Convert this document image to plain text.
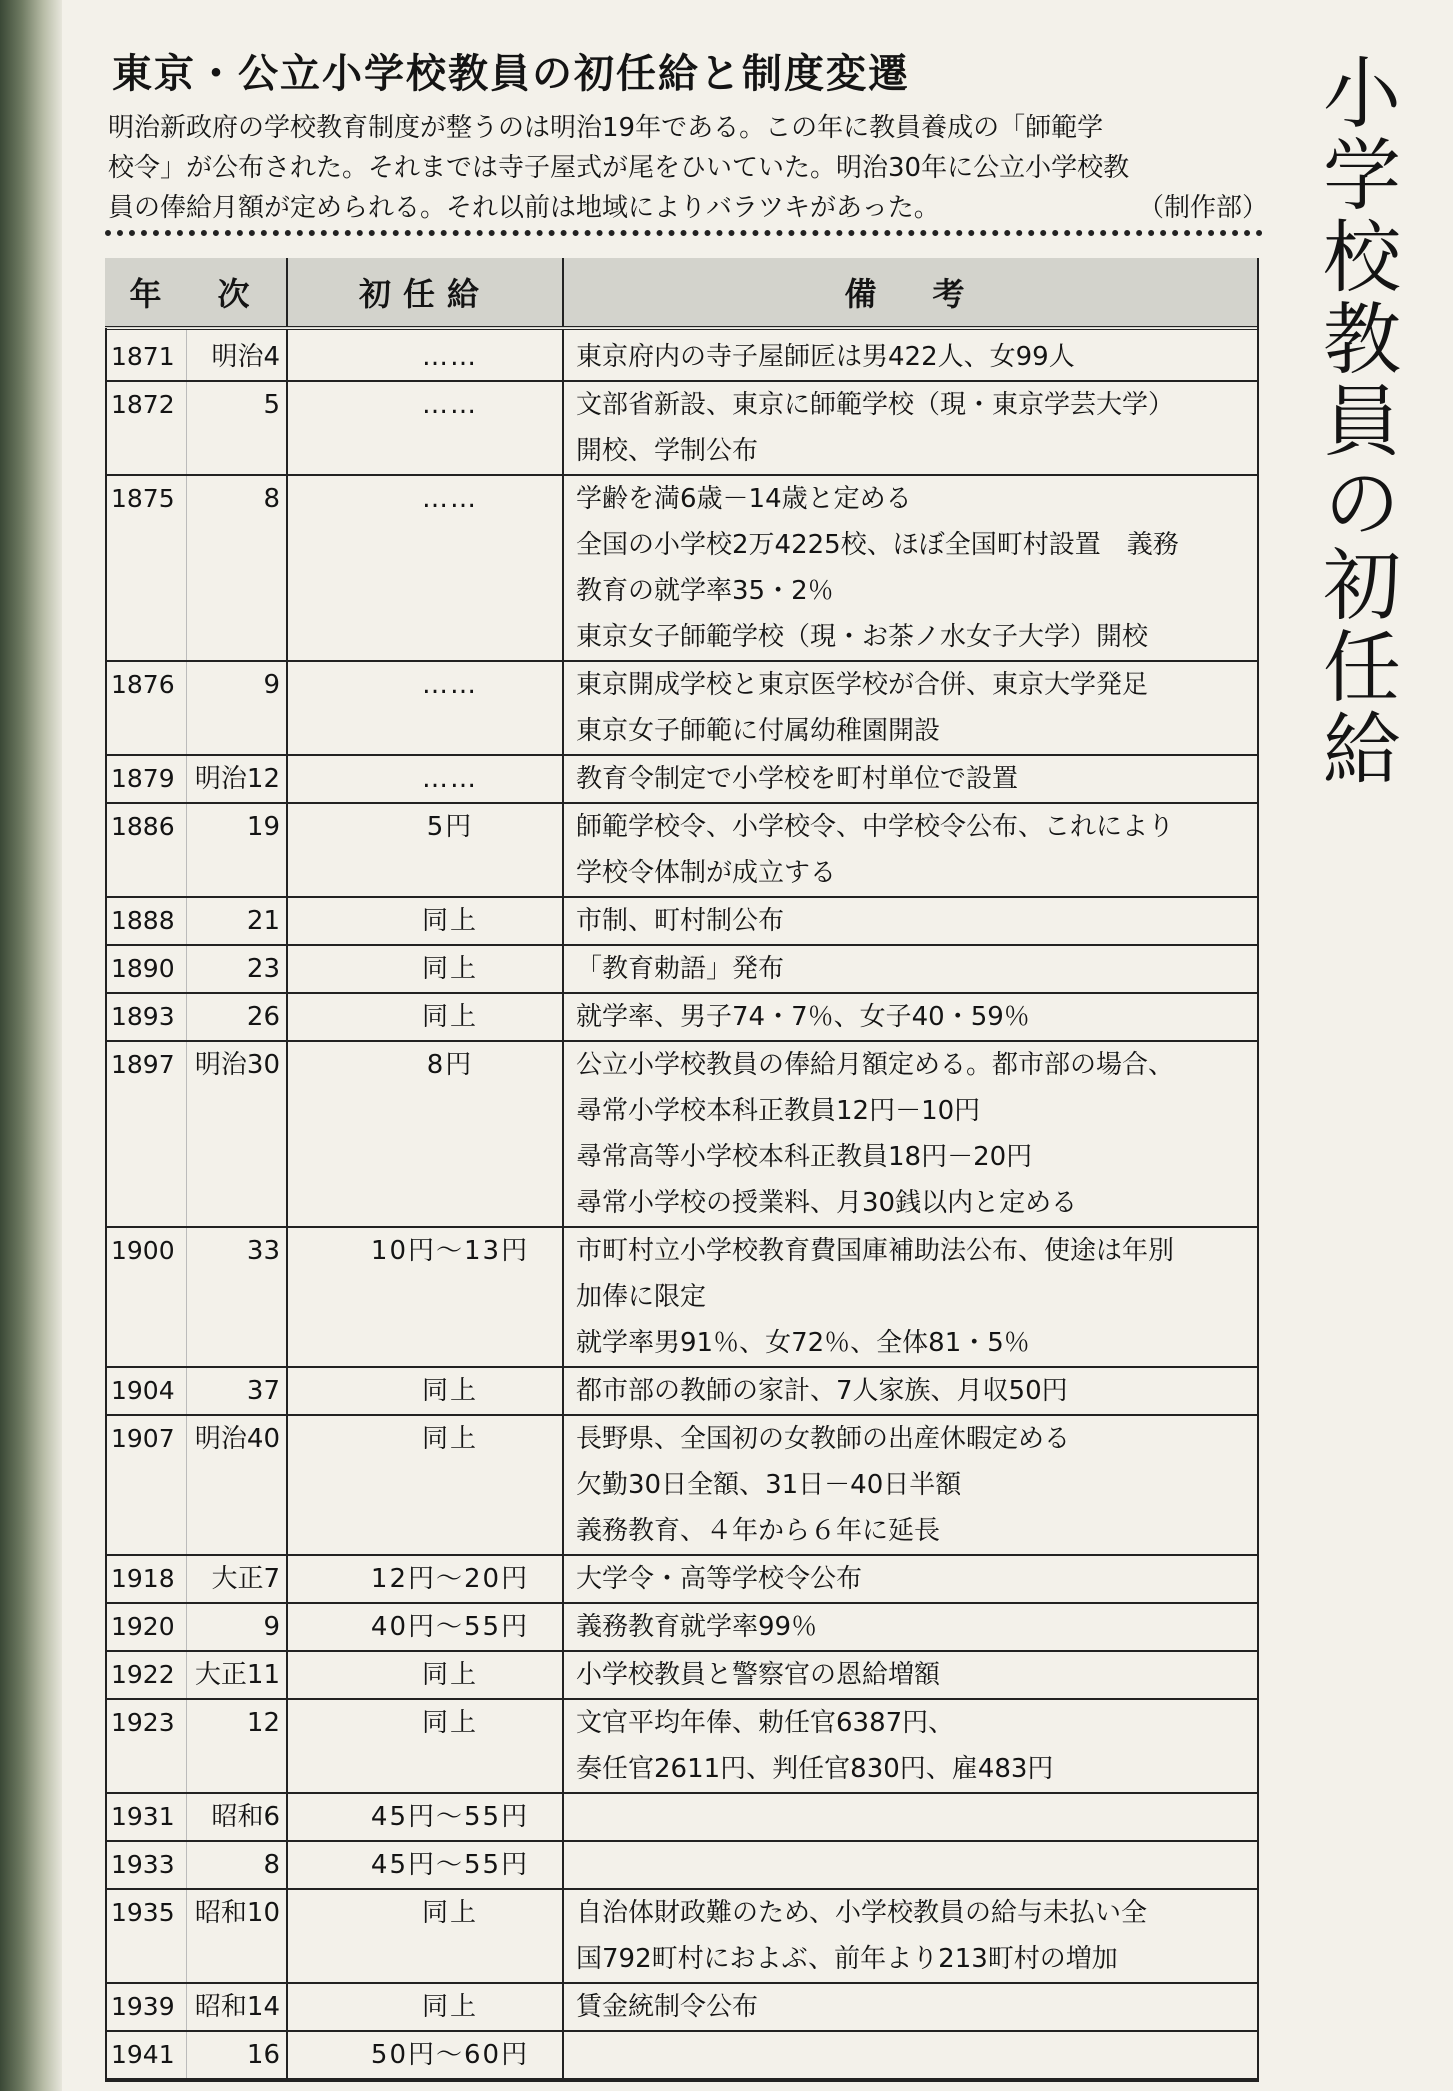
東京・公立小学校教員の初任給と制度変遷

明治新政府の学校教育制度が整うのは明治19年である。この年に教員養成の「師範学

校令」が公布された。それまでは寺子屋式が尾をひいていた。明治30年に公立小学校教

員の俸給月額が定められる。それ以前は地域によりバラツキがあった。	（制作部）

年　次		初任給	備　考
1871	明治4	……	東京府内の寺子屋師匠は男422人、女99人

1872	5	……	文部省新設、東京に師範学校（現・東京学芸大学）
開校、学制公布

1875	8	……	学齢を満6歳－14歳と定める
全国の小学校2万4225校、ほぼ全国町村設置　義務
教育の就学率35・2％
東京女子師範学校（現・お茶ノ水女子大学）開校

1876	9	……	東京開成学校と東京医学校が合併、東京大学発足
東京女子師範に付属幼稚園開設

1879	明治12	……	教育令制定で小学校を町村単位で設置

1886	19	5円	師範学校令、小学校令、中学校令公布、これにより
学校令体制が成立する

1888	21	同上	市制、町村制公布

1890	23	同上	「教育勅語」発布

1893	26	同上	就学率、男子74・7％、女子40・59％

1897	明治30	8円	公立小学校教員の俸給月額定める。都市部の場合、
尋常小学校本科正教員12円－10円
尋常高等小学校本科正教員18円－20円
尋常小学校の授業料、月30銭以内と定める

1900	33	10円～13円	市町村立小学校教育費国庫補助法公布、使途は年別
加俸に限定
就学率男91％、女72％、全体81・5％

1904	37	同上	都市部の教師の家計、7人家族、月収50円

1907	明治40	同上	長野県、全国初の女教師の出産休暇定める
欠勤30日全額、31日－40日半額
義務教育、４年から６年に延長

1918	大正7	12円～20円	大学令・高等学校令公布

1920	9	40円～55円	義務教育就学率99％

1922	大正11	同上	小学校教員と警察官の恩給増額

1923	12	同上	文官平均年俸、勅任官6387円、
奏任官2611円、判任官830円、雇483円

1931	昭和6	45円～55円	

1933	8	45円～55円	

1935	昭和10	同上	自治体財政難のため、小学校教員の給与未払い全
国792町村におよぶ、前年より213町村の増加

1939	昭和14	同上	賃金統制令公布

1941	16	50円～60円	

小学校教員の初任給
